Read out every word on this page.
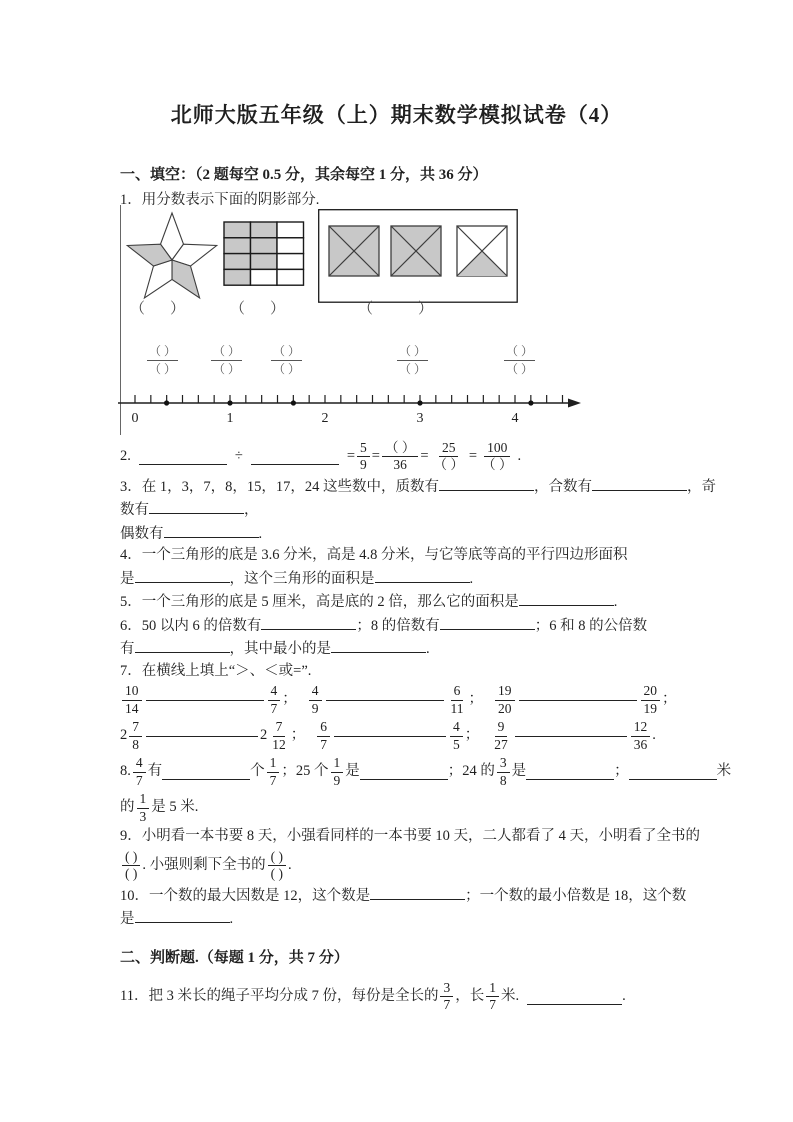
北师大版五年级（上）期末数学模拟试卷（4）
一、填空：（2 题每空 0.5 分，其余每空 1 分，共 36 分）

1．用分数表示下面的阴影部分.

（　）	（　）	（　　）
（ ）
（ ）
（ ）
（ ）
（ ）
（ ）
（ ）
（ ）
（ ）
（ ）
0	1	2	3	4

2.	÷	= $\frac{5}{9} = \frac{( )}{36} = \frac{25}{( )} = \frac{100}{( )}$ .

3．在 1，3，7，8，15，17，24 这些数中，质数有	，合数有	，奇

数有	，

偶数有	.

4．一个三角形的底是 3.6 分米，高是 4.8 分米，与它等底等高的平行四边形面积

是	，这个三角形的面积是	.

5．一个三角形的底是 5 厘米，高是底的 2 倍，那么它的面积是	.

6．50 以内 6 的倍数有	；8 的倍数有	；6 和 8 的公倍数

有	，其中最小的是	.

7．在横线上填上“＞、＜或=”.

$\frac{10}{14}$	$\frac{4}{7}$ ； $\frac{4}{9}$	$\frac{6}{11}$ ； $\frac{19}{20}$	$\frac{20}{19}$ ；

$2 \frac{7}{8}$	$2 \frac{7}{12}$ ； $\frac{6}{7}$	$\frac{4}{5}$ ； $\frac{9}{27}$	$\frac{12}{36}$ .

8. $\frac{4}{7}$ 有	个 $\frac{1}{7}$ ；25 个 $\frac{1}{9}$ 是	；24 的 $\frac{3}{8}$ 是	；	米

的 $\frac{1}{3}$ 是 5 米.

9．小明看一本书要 8 天，小强看同样的一本书要 10 天，二人都看了 4 天，小明看了全书的

$\frac{( )}{( )}$ . 小强则剩下全书的 $\frac{( )}{( )}$ .

10．一个数的最大因数是 12，这个数是	；一个数的最小倍数是 18，这个数

是	.

二、判断题.（每题 1 分，共 7 分）

11．把 3 米长的绳子平均分成 7 份，每份是全长的 $\frac{3}{7}$ ，长 $\frac{1}{7}$ 米.	.
